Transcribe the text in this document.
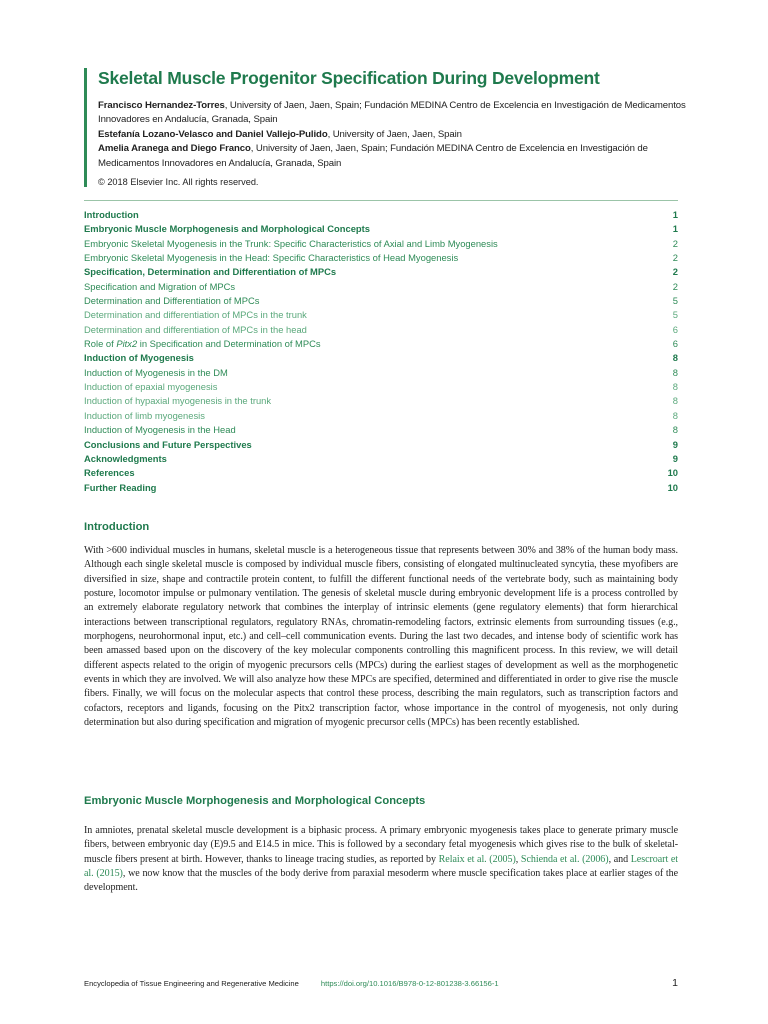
Skeletal Muscle Progenitor Specification During Development
Francisco Hernandez-Torres, University of Jaen, Jaen, Spain; Fundación MEDINA Centro de Excelencia en Investigación de Medicamentos Innovadores en Andalucía, Granada, Spain
Estefanía Lozano-Velasco and Daniel Vallejo-Pulido, University of Jaen, Jaen, Spain
Amelia Aranega and Diego Franco, University of Jaen, Jaen, Spain; Fundación MEDINA Centro de Excelencia en Investigación de Medicamentos Innovadores en Andalucía, Granada, Spain
© 2018 Elsevier Inc. All rights reserved.
Introduction	1
Embryonic Muscle Morphogenesis and Morphological Concepts	1
Embryonic Skeletal Myogenesis in the Trunk: Specific Characteristics of Axial and Limb Myogenesis	2
Embryonic Skeletal Myogenesis in the Head: Specific Characteristics of Head Myogenesis	2
Specification, Determination and Differentiation of MPCs	2
Specification and Migration of MPCs	2
Determination and Differentiation of MPCs	5
Determination and differentiation of MPCs in the trunk	5
Determination and differentiation of MPCs in the head	6
Role of Pitx2 in Specification and Determination of MPCs	6
Induction of Myogenesis	8
Induction of Myogenesis in the DM	8
Induction of epaxial myogenesis	8
Induction of hypaxial myogenesis in the trunk	8
Induction of limb myogenesis	8
Induction of Myogenesis in the Head	8
Conclusions and Future Perspectives	9
Acknowledgments	9
References	10
Further Reading	10
Introduction

With >600 individual muscles in humans, skeletal muscle is a heterogeneous tissue that represents between 30% and 38% of the human body mass. Although each single skeletal muscle is composed by individual muscle fibers, consisting of elongated multinucleated syncytia, these myofibers are diversified in size, shape and contractile protein content, to fulfill the different functional needs of the vertebrate body, such as maintaining body posture, locomotor impulse or pulmonary ventilation. The genesis of skeletal muscle during embryonic development life is a process controlled by an extremely elaborate regulatory network that combines the interplay of intrinsic elements (gene regulatory elements) that form hierarchical interactions between transcriptional regulators, regulatory RNAs, chromatin-remodeling factors, extrinsic elements from surrounding tissues (e.g., morphogens, neurohormonal input, etc.) and cell–cell communication events. During the last two decades, and intense body of scientific work has been amassed based upon on the discovery of the key molecular components controlling this magnificent process. In this review, we will detail different aspects related to the origin of myogenic precursors cells (MPCs) during the earliest stages of development as well as the morphogenetic events in which they are involved. We will also analyze how these MPCs are specified, determined and differentiated in order to give rise the muscle fibers. Finally, we will focus on the molecular aspects that control these process, describing the main regulators, such as transcription factors and cofactors, receptors and ligands, focusing on the Pitx2 transcription factor, whose importance in the control of myogenesis, not only during determination but also during specification and migration of myogenic precursor cells (MPCs) has been recently established.

Embryonic Muscle Morphogenesis and Morphological Concepts

In amniotes, prenatal skeletal muscle development is a biphasic process. A primary embryonic myogenesis takes place to generate primary muscle fibers, between embryonic day (E)9.5 and E14.5 in mice. This is followed by a secondary fetal myogenesis which gives rise to the bulk of skeletal-muscle fibers present at birth. However, thanks to lineage tracing studies, as reported by Relaix et al. (2005), Schienda et al. (2006), and Lescroart et al. (2015), we now know that the muscles of the body derive from paraxial mesoderm where muscle specification takes place at earlier stages of the development.

Encyclopedia of Tissue Engineering and Regenerative Medicine	https://doi.org/10.1016/B978-0-12-801238-3.66156-1	1
